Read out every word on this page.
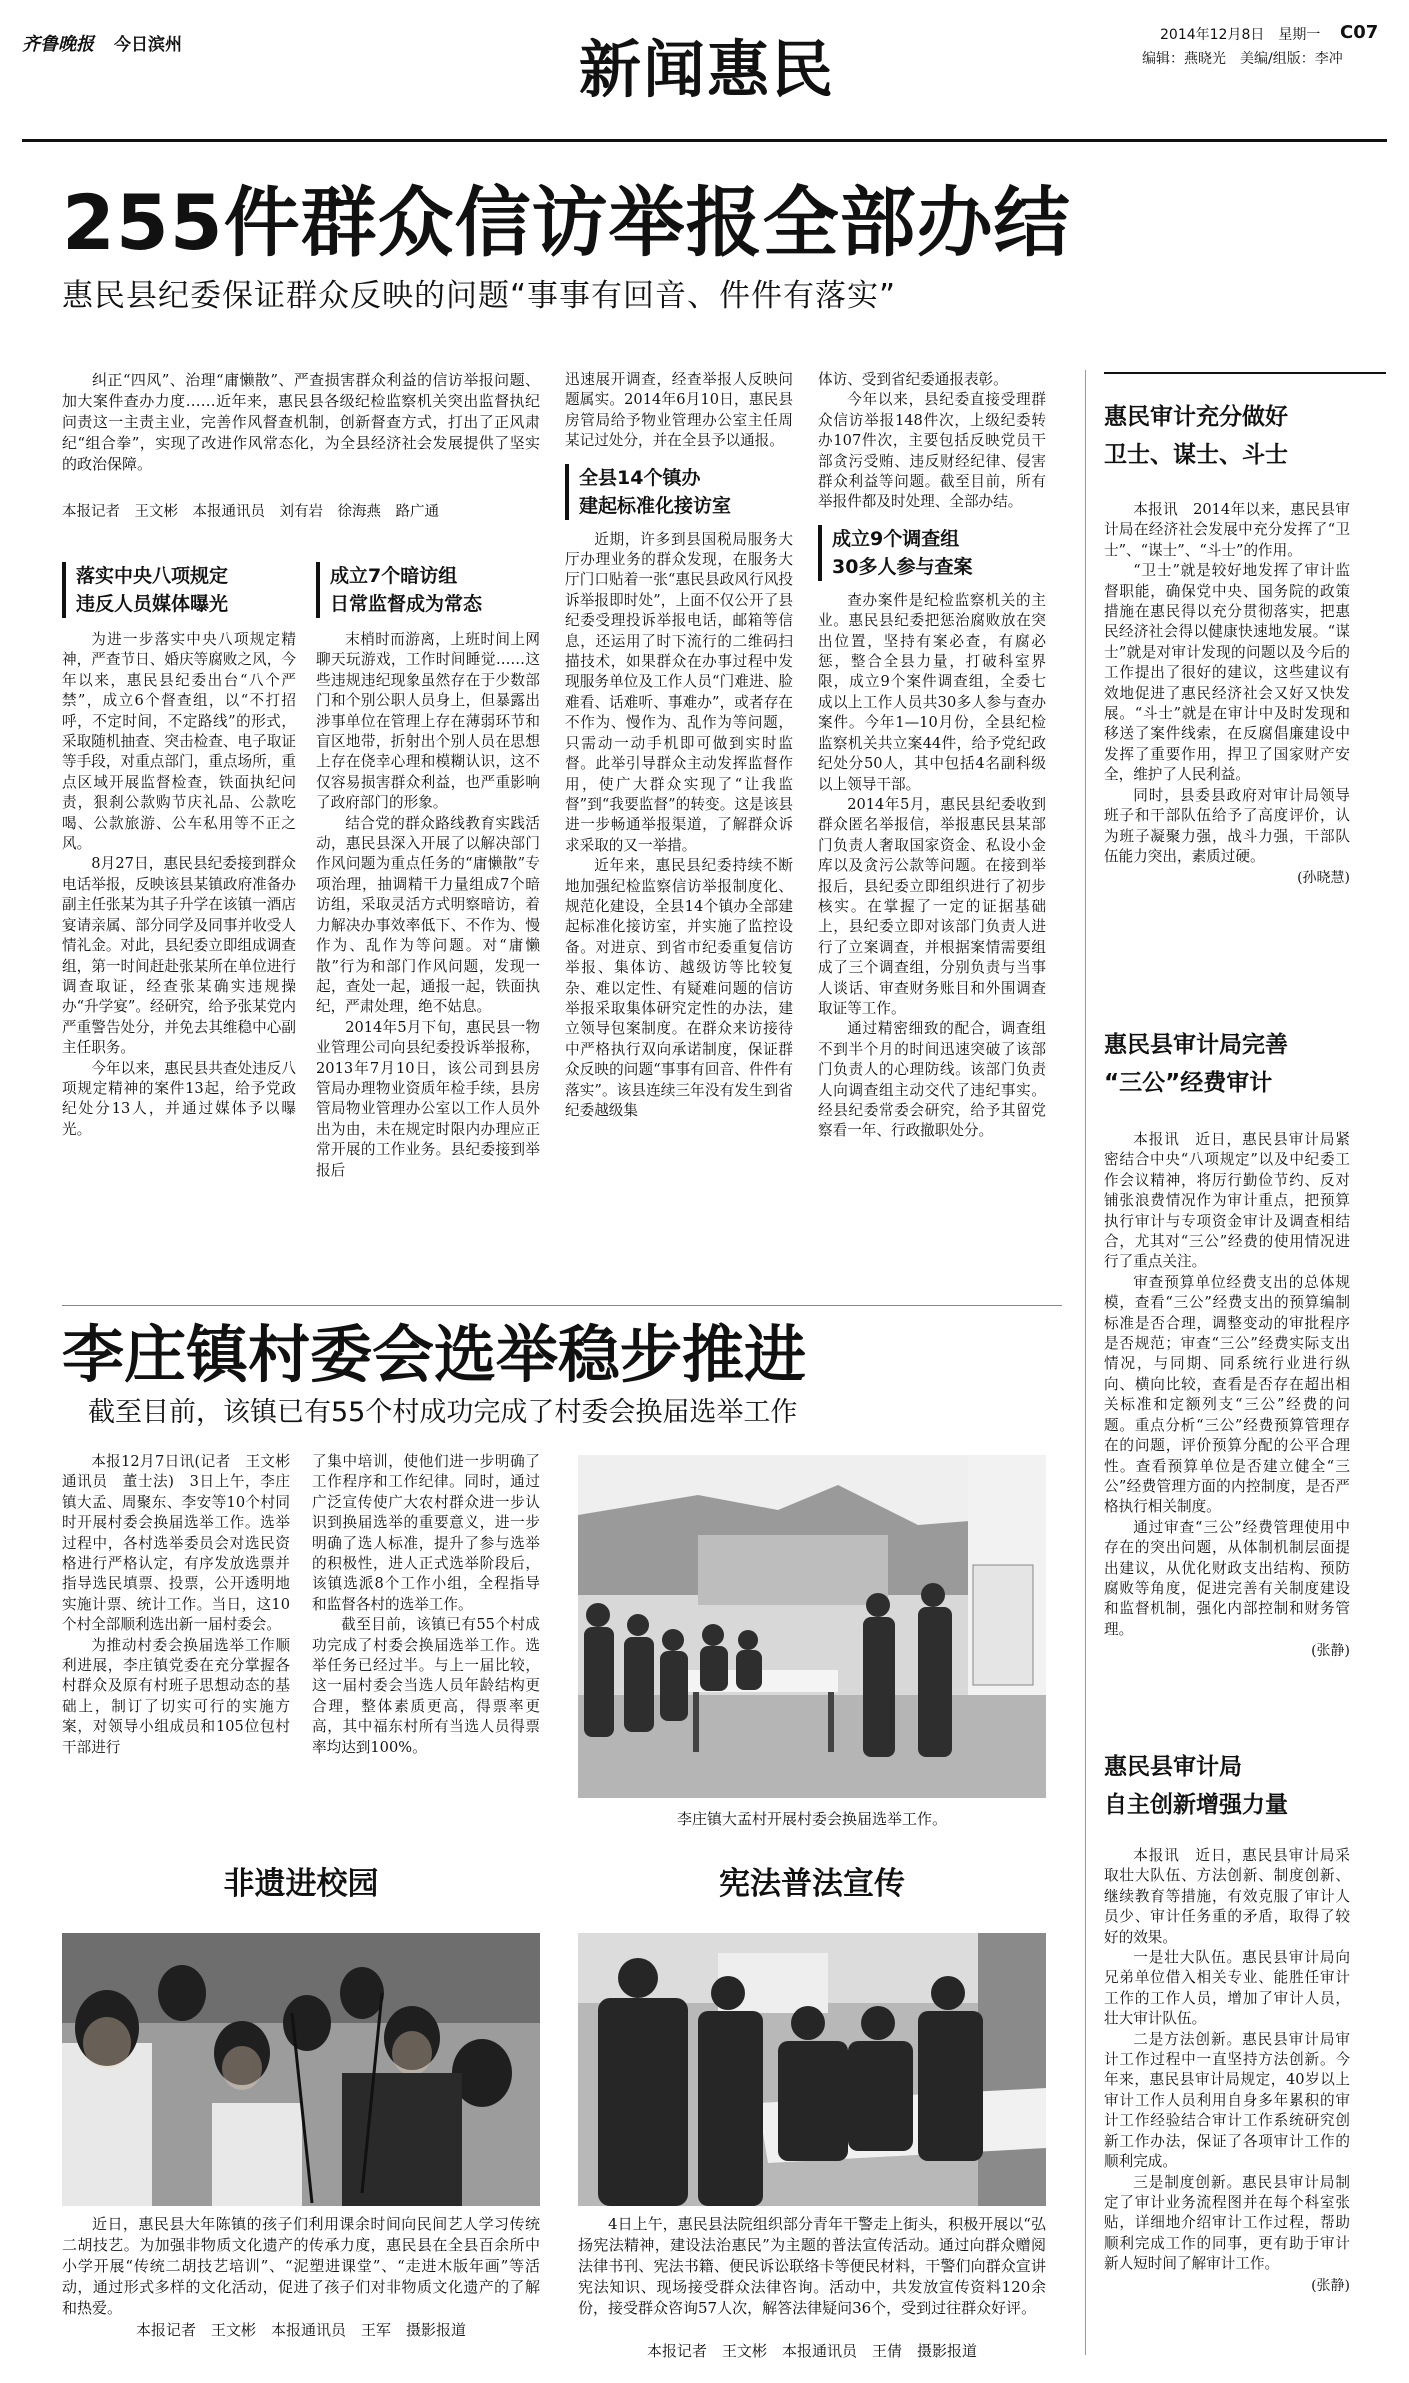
齐鲁晚报 今日滨州	新闻惠民	2014年12月8日　星期一 C07
编辑：燕晓光　美编/组版：李冲
255件群众信访举报全部办结
惠民县纪委保证群众反映的问题“事事有回音、件件有落实”

纠正“四风”、治理“庸懒散”、严查损害群众利益的信访举报问题、加大案件查办力度……近年来，惠民县各级纪检监察机关突出监督执纪问责这一主责主业，完善作风督查机制，创新督查方式，打出了正风肃纪“组合拳”，实现了改进作风常态化，为全县经济社会发展提供了坚实的政治保障。

本报记者　王文彬　本报通讯员　刘有岩　徐海燕　路广通
落实中央八项规定
违反人员媒体曝光

为进一步落实中央八项规定精神，严查节日、婚庆等腐败之风，今年以来，惠民县纪委出台“八个严禁”，成立6个督查组，以“不打招呼，不定时间，不定路线”的形式，采取随机抽查、突击检查、电子取证等手段，对重点部门，重点场所，重点区域开展监督检查，铁面执纪问责，狠刹公款购节庆礼品、公款吃喝、公款旅游、公车私用等不正之风。

8月27日，惠民县纪委接到群众电话举报，反映该县某镇政府准备办副主任张某为其子升学在该镇一酒店宴请亲属、部分同学及同事并收受人情礼金。对此，县纪委立即组成调查组，第一时间赶赴张某所在单位进行调查取证，经查张某确实违规操办“升学宴”。经研究，给予张某党内严重警告处分，并免去其维稳中心副主任职务。

今年以来，惠民县共查处违反八项规定精神的案件13起，给予党政纪处分13人，并通过媒体予以曝光。

成立7个暗访组
日常监督成为常态

末梢时而游离，上班时间上网聊天玩游戏，工作时间睡觉……这些违规违纪现象虽然存在于少数部门和个别公职人员身上，但暴露出涉事单位在管理上存在薄弱环节和盲区地带，折射出个别人员在思想上存在侥幸心理和模糊认识，这不仅容易损害群众利益，也严重影响了政府部门的形象。

结合党的群众路线教育实践活动，惠民县深入开展了以解决部门作风问题为重点任务的“庸懒散”专项治理，抽调精干力量组成7个暗访组，采取灵活方式明察暗访，着力解决办事效率低下、不作为、慢作为、乱作为等问题。对“庸懒散”行为和部门作风问题，发现一起，查处一起，通报一起，铁面执纪，严肃处理，绝不姑息。

2014年5月下旬，惠民县一物业管理公司向县纪委投诉举报称，2013年7月10日，该公司到县房管局办理物业资质年检手续，县房管局物业管理办公室以工作人员外出为由，未在规定时限内办理应正常开展的工作业务。县纪委接到举报后

迅速展开调查，经查举报人反映问题属实。2014年6月10日，惠民县房管局给予物业管理办公室主任周某记过处分，并在全县予以通报。

全县14个镇办
建起标准化接访室

近期，许多到县国税局服务大厅办理业务的群众发现，在服务大厅门口贴着一张“惠民县政风行风投诉举报即时处”，上面不仅公开了县纪委受理投诉举报电话，邮箱等信息，还运用了时下流行的二维码扫描技术，如果群众在办事过程中发现服务单位及工作人员“门难进、脸难看、话难听、事难办”，或者存在不作为、慢作为、乱作为等问题，只需动一动手机即可做到实时监督。此举引导群众主动发挥监督作用，使广大群众实现了“让我监督”到“我要监督”的转变。这是该县进一步畅通举报渠道，了解群众诉求采取的又一举措。

近年来，惠民县纪委持续不断地加强纪检监察信访举报制度化、规范化建设，全县14个镇办全部建起标准化接访室，并实施了监控设备。对进京、到省市纪委重复信访举报、集体访、越级访等比较复杂、难以定性、有疑难问题的信访举报采取集体研究定性的办法，建立领导包案制度。在群众来访接待中严格执行双向承诺制度，保证群众反映的问题“事事有回音、件件有落实”。该县连续三年没有发生到省纪委越级集

体访、受到省纪委通报表彰。

今年以来，县纪委直接受理群众信访举报148件次，上级纪委转办107件次，主要包括反映党员干部贪污受贿、违反财经纪律、侵害群众利益等问题。截至目前，所有举报件都及时处理、全部办结。

成立9个调查组
30多人参与查案

查办案件是纪检监察机关的主业。惠民县纪委把惩治腐败放在突出位置，坚持有案必查，有腐必惩，整合全县力量，打破科室界限，成立9个案件调查组，全委七成以上工作人员共30多人参与查办案件。今年1—10月份，全县纪检监察机关共立案44件，给予党纪政纪处分50人，其中包括4名副科级以上领导干部。

2014年5月，惠民县纪委收到群众匿名举报信，举报惠民县某部门负责人奢取国家资金、私设小金库以及贪污公款等问题。在接到举报后，县纪委立即组织进行了初步核实。在掌握了一定的证据基础上，县纪委立即对该部门负责人进行了立案调查，并根据案情需要组成了三个调查组，分别负责与当事人谈话、审查财务账目和外围调查取证等工作。

通过精密细致的配合，调查组不到半个月的时间迅速突破了该部门负责人的心理防线。该部门负责人向调查组主动交代了违纪事实。经县纪委常委会研究，给予其留党察看一年、行政撤职处分。

李庄镇村委会选举稳步推进
截至目前，该镇已有55个村成功完成了村委会换届选举工作

本报12月7日讯(记者　王文彬　通讯员　董士法)　3日上午，李庄镇大孟、周聚东、李安等10个村同时开展村委会换届选举工作。选举过程中，各村选举委员会对选民资格进行严格认定，有序发放选票并指导选民填票、投票，公开透明地实施计票、统计工作。当日，这10个村全部顺利选出新一届村委会。

为推动村委会换届选举工作顺利进展，李庄镇党委在充分掌握各村群众及原有村班子思想动态的基础上，制订了切实可行的实施方案，对领导小组成员和105位包村干部进行

了集中培训，使他们进一步明确了工作程序和工作纪律。同时，通过广泛宣传使广大农村群众进一步认识到换届选举的重要意义，进一步明确了选人标准，提升了参与选举的积极性，进人正式选举阶段后，该镇选派8个工作小组，全程指导和监督各村的选举工作。

截至目前，该镇已有55个村成功完成了村委会换届选举工作。选举任务已经过半。与上一届比较，这一届村委会当选人员年龄结构更合理，整体素质更高，得票率更高，其中福东村所有当选人员得票率均达到100%。

李庄镇大孟村开展村委会换届选举工作。
非遗进校园

近日，惠民县大年陈镇的孩子们利用课余时间向民间艺人学习传统二胡技艺。为加强非物质文化遗产的传承力度，惠民县在全县百余所中小学开展“传统二胡技艺培训”、“泥塑进课堂”、“走进木版年画”等活动，通过形式多样的文化活动，促进了孩子们对非物质文化遗产的了解和热爱。

本报记者　王文彬　本报通讯员　王军　摄影报道
宪法普法宣传

4日上午，惠民县法院组织部分青年干警走上街头，积极开展以“弘扬宪法精神，建设法治惠民”为主题的普法宣传活动。通过向群众赠阅法律书刊、宪法书籍、便民诉讼联络卡等便民材料，干警们向群众宣讲宪法知识、现场接受群众法律咨询。活动中，共发放宣传资料120余份，接受群众咨询57人次，解答法律疑问36个，受到过往群众好评。

本报记者　王文彬　本报通讯员　王倩　摄影报道
惠民审计充分做好
卫士、谋士、斗士

本报讯　2014年以来，惠民县审计局在经济社会发展中充分发挥了“卫士”、“谋士”、“斗士”的作用。

“卫士”就是较好地发挥了审计监督职能，确保党中央、国务院的政策措施在惠民得以充分贯彻落实，把惠民经济社会得以健康快速地发展。“谋士”就是对审计发现的问题以及今后的工作提出了很好的建议，这些建议有效地促进了惠民经济社会又好又快发展。“斗士”就是在审计中及时发现和移送了案件线索，在反腐倡廉建设中发挥了重要作用，捍卫了国家财产安全，维护了人民利益。

同时，县委县政府对审计局领导班子和干部队伍给予了高度评价，认为班子凝聚力强，战斗力强，干部队伍能力突出，素质过硬。

(孙晓慧)
惠民县审计局完善
“三公”经费审计

本报讯　近日，惠民县审计局紧密结合中央“八项规定”以及中纪委工作会议精神，将厉行勤俭节约、反对铺张浪费情况作为审计重点，把预算执行审计与专项资金审计及调查相结合，尤其对“三公”经费的使用情况进行了重点关注。

审查预算单位经费支出的总体规模，查看“三公”经费支出的预算编制标准是否合理，调整变动的审批程序是否规范；审查“三公”经费实际支出情况，与同期、同系统行业进行纵向、横向比较，查看是否存在超出相关标准和定额列支“三公”经费的问题。重点分析“三公”经费预算管理存在的问题，评价预算分配的公平合理性。查看预算单位是否建立健全“三公”经费管理方面的内控制度，是否严格执行相关制度。

通过审查“三公”经费管理使用中存在的突出问题，从体制机制层面提出建议，从优化财政支出结构、预防腐败等角度，促进完善有关制度建设和监督机制，强化内部控制和财务管理。

(张静)
惠民县审计局
自主创新增强力量

本报讯　近日，惠民县审计局采取壮大队伍、方法创新、制度创新、继续教育等措施，有效克服了审计人员少、审计任务重的矛盾，取得了较好的效果。

一是壮大队伍。惠民县审计局向兄弟单位借入相关专业、能胜任审计工作的工作人员，增加了审计人员，壮大审计队伍。

二是方法创新。惠民县审计局审计工作过程中一直坚持方法创新。今年来，惠民县审计局规定，40岁以上审计工作人员利用自身多年累积的审计工作经验结合审计工作系统研究创新工作办法，保证了各项审计工作的顺利完成。

三是制度创新。惠民县审计局制定了审计业务流程图并在每个科室张贴，详细地介绍审计工作过程，帮助顺利完成工作的同事，更有助于审计新人短时间了解审计工作。

(张静)
